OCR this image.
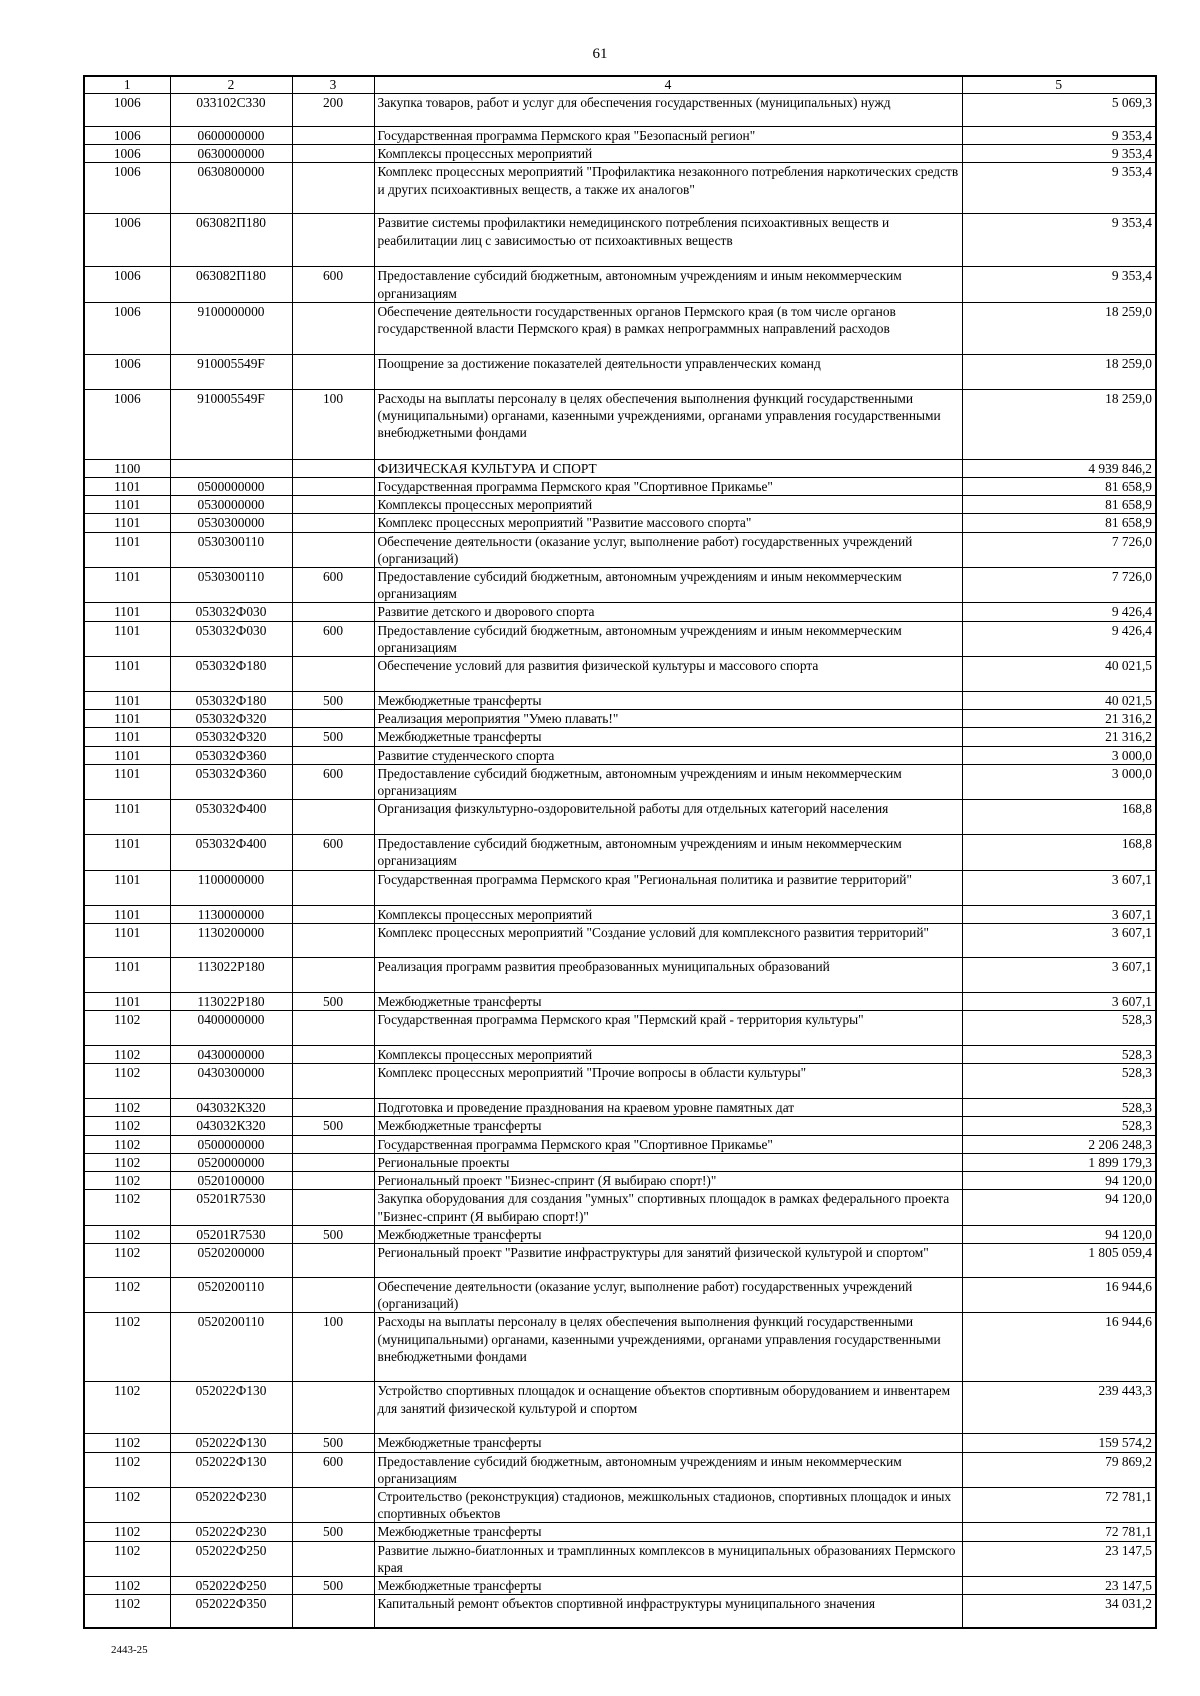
61
1	2	3	4	5
1006	033102C330	200	Закупка товаров, работ и услуг для обеспечения государственных (муниципальных) нужд	5 069,3
1006	0600000000		Государственная программа Пермского края "Безопасный регион"	9 353,4
1006	0630000000		Комплексы процессных мероприятий	9 353,4
1006	0630800000		Комплекс процессных мероприятий "Профилактика незаконного потребления наркотических средств и других психоактивных веществ, а также их аналогов"	9 353,4
1006	063082П180		Развитие системы профилактики немедицинского потребления психоактивных веществ и реабилитации лиц с зависимостью от психоактивных веществ	9 353,4
1006	063082П180	600	Предоставление субсидий бюджетным, автономным учреждениям и иным некоммерческим организациям	9 353,4
1006	9100000000		Обеспечение деятельности государственных органов Пермского края (в том числе органов государственной власти Пермского края) в рамках непрограммных направлений расходов	18 259,0
1006	910005549F		Поощрение за достижение показателей деятельности управленческих команд	18 259,0
1006	910005549F	100	Расходы на выплаты персоналу в целях обеспечения выполнения функций государственными (муниципальными) органами, казенными учреждениями, органами управления государственными внебюджетными фондами	18 259,0
1100			ФИЗИЧЕСКАЯ КУЛЬТУРА И СПОРТ	4 939 846,2
1101	0500000000		Государственная программа Пермского края "Спортивное Прикамье"	81 658,9
1101	0530000000		Комплексы процессных мероприятий	81 658,9
1101	0530300000		Комплекс процессных мероприятий "Развитие массового спорта"	81 658,9
1101	0530300110		Обеспечение деятельности (оказание услуг, выполнение работ) государственных учреждений (организаций)	7 726,0
1101	0530300110	600	Предоставление субсидий бюджетным, автономным учреждениям и иным некоммерческим организациям	7 726,0
1101	053032Ф030		Развитие детского и дворового спорта	9 426,4
1101	053032Ф030	600	Предоставление субсидий бюджетным, автономным учреждениям и иным некоммерческим организациям	9 426,4
1101	053032Ф180		Обеспечение условий для развития физической культуры и массового спорта	40 021,5
1101	053032Ф180	500	Межбюджетные трансферты	40 021,5
1101	053032Ф320		Реализация мероприятия "Умею плавать!"	21 316,2
1101	053032Ф320	500	Межбюджетные трансферты	21 316,2
1101	053032Ф360		Развитие студенческого спорта	3 000,0
1101	053032Ф360	600	Предоставление субсидий бюджетным, автономным учреждениям и иным некоммерческим организациям	3 000,0
1101	053032Ф400		Организация физкультурно-оздоровительной работы для отдельных категорий населения	168,8
1101	053032Ф400	600	Предоставление субсидий бюджетным, автономным учреждениям и иным некоммерческим организациям	168,8
1101	1100000000		Государственная программа Пермского края "Региональная политика и развитие территорий"	3 607,1
1101	1130000000		Комплексы процессных мероприятий	3 607,1
1101	1130200000		Комплекс процессных мероприятий "Создание условий для комплексного развития территорий"	3 607,1
1101	113022Р180		Реализация программ развития преобразованных муниципальных образований	3 607,1
1101	113022Р180	500	Межбюджетные трансферты	3 607,1
1102	0400000000		Государственная программа Пермского края "Пермский край - территория культуры"	528,3
1102	0430000000		Комплексы процессных мероприятий	528,3
1102	0430300000		Комплекс процессных мероприятий "Прочие вопросы в области культуры"	528,3
1102	043032К320		Подготовка и проведение празднования на краевом уровне памятных дат	528,3
1102	043032К320	500	Межбюджетные трансферты	528,3
1102	0500000000		Государственная программа Пермского края "Спортивное Прикамье"	2 206 248,3
1102	0520000000		Региональные проекты	1 899 179,3
1102	0520100000		Региональный проект "Бизнес-спринт (Я выбираю спорт!)"	94 120,0
1102	05201R7530		Закупка оборудования для создания "умных" спортивных площадок в рамках федерального проекта "Бизнес-спринт (Я выбираю спорт!)"	94 120,0
1102	05201R7530	500	Межбюджетные трансферты	94 120,0
1102	0520200000		Региональный проект "Развитие инфраструктуры для занятий физической культурой и спортом"	1 805 059,4
1102	0520200110		Обеспечение деятельности (оказание услуг, выполнение работ) государственных учреждений (организаций)	16 944,6
1102	0520200110	100	Расходы на выплаты персоналу в целях обеспечения выполнения функций государственными (муниципальными) органами, казенными учреждениями, органами управления государственными внебюджетными фондами	16 944,6
1102	052022Ф130		Устройство спортивных площадок и оснащение объектов спортивным оборудованием и инвентарем для занятий физической культурой и спортом	239 443,3
1102	052022Ф130	500	Межбюджетные трансферты	159 574,2
1102	052022Ф130	600	Предоставление субсидий бюджетным, автономным учреждениям и иным некоммерческим организациям	79 869,2
1102	052022Ф230		Строительство (реконструкция) стадионов, межшкольных стадионов, спортивных площадок и иных спортивных объектов	72 781,1
1102	052022Ф230	500	Межбюджетные трансферты	72 781,1
1102	052022Ф250		Развитие лыжно-биатлонных и трамплинных комплексов в муниципальных образованиях Пермского края	23 147,5
1102	052022Ф250	500	Межбюджетные трансферты	23 147,5
1102	052022Ф350		Капитальный ремонт объектов спортивной инфраструктуры муниципального значения	34 031,2
2443-25
